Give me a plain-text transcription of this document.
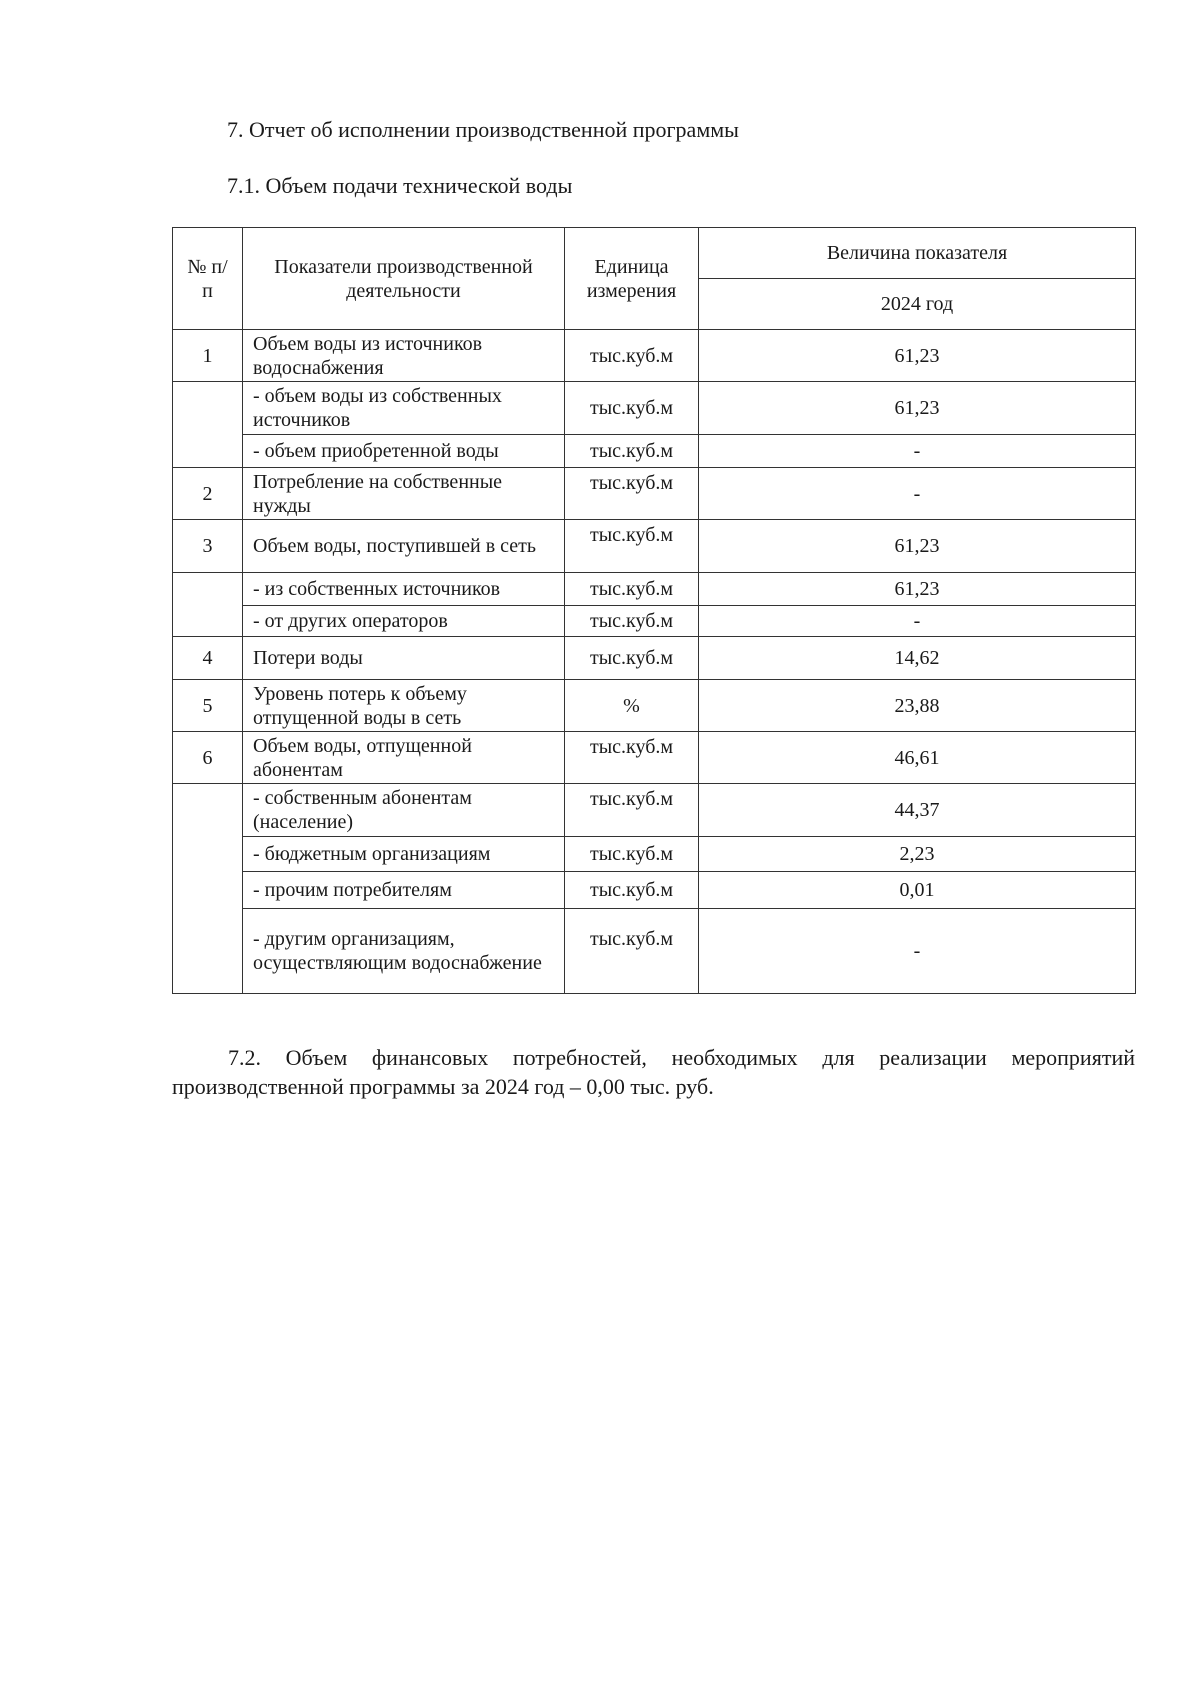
7. Отчет об исполнении производственной программы
7.1. Объем подачи технической воды
№ п/п	Показатели производственной деятельности	Единица измерения	Величина показателя
			2024 год
1	Объем воды из источников водоснабжения	тыс.куб.м	61,23
	- объем воды из собственных источников	тыс.куб.м	61,23
	- объем приобретенной воды	тыс.куб.м	-
2	Потребление на собственные нужды	тыс.куб.м	-
3	Объем воды, поступившей в сеть	тыс.куб.м	61,23
	- из собственных источников	тыс.куб.м	61,23
	- от других операторов	тыс.куб.м	-
4	Потери воды	тыс.куб.м	14,62
5	Уровень потерь к объему отпущенной воды в сеть	%	23,88
6	Объем воды, отпущенной абонентам	тыс.куб.м	46,61
	- собственным абонентам (население)	тыс.куб.м	44,37
	- бюджетным организациям	тыс.куб.м	2,23
	- прочим потребителям	тыс.куб.м	0,01
	- другим организациям, осуществляющим водоснабжение	тыс.куб.м	-

7.2. Объем финансовых потребностей, необходимых для реализации мероприятий производственной программы за 2024 год – 0,00 тыс. руб.
